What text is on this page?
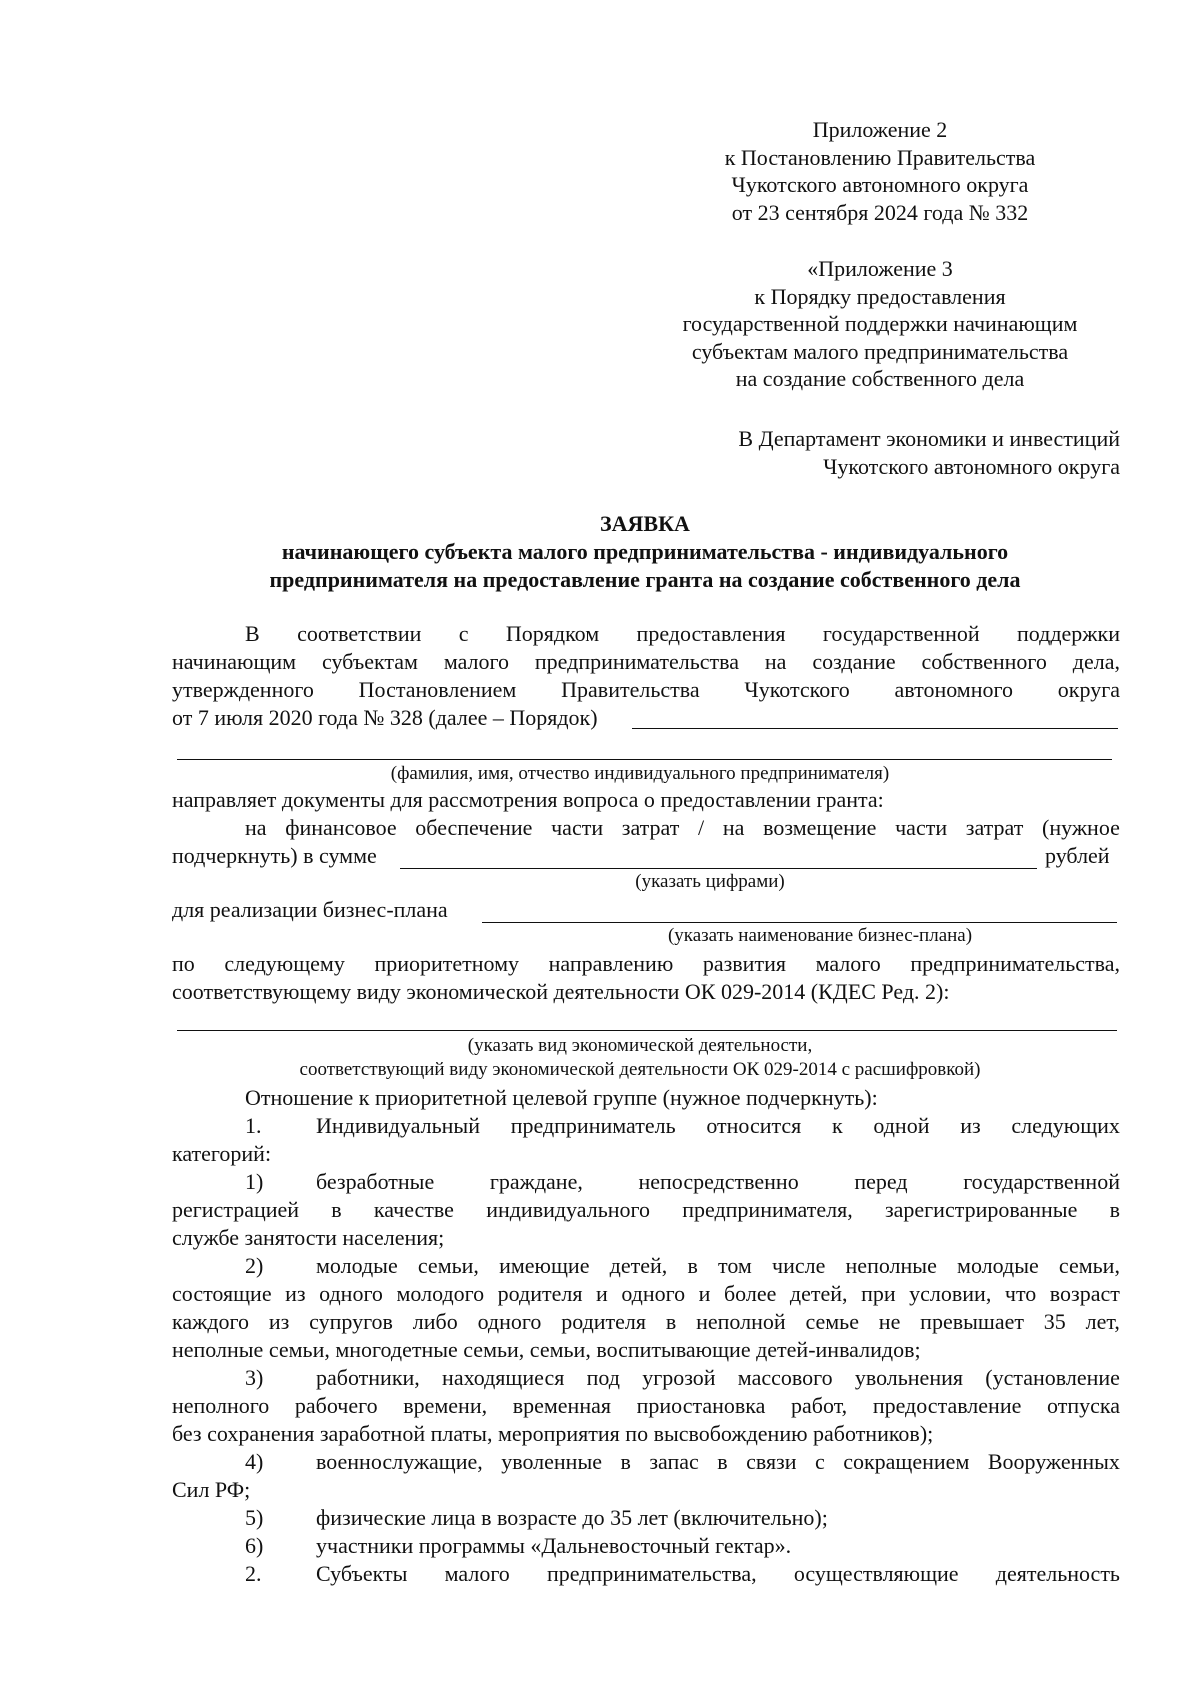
Приложение 2
к Постановлению Правительства
Чукотского автономного округа
от 23 сентября 2024 года № 332
«Приложение 3
к Порядку предоставления
государственной поддержки начинающим
субъектам малого предпринимательства
на создание собственного дела
В Департамент экономики и инвестиций
Чукотского автономного округа
ЗАЯВКА
начинающего субъекта малого предпринимательства - индивидуального
предпринимателя на предоставление гранта на создание собственного дела
В соответствии с Порядком предоставления государственной поддержки
начинающим субъектам малого предпринимательства на создание собственного дела,
утвержденного Постановлением Правительства Чукотского автономного округа
от 7 июля 2020 года № 328 (далее – Порядок)
(фамилия, имя, отчество индивидуального предпринимателя)
направляет документы для рассмотрения вопроса о предоставлении гранта:
на финансовое обеспечение части затрат / на возмещение части затрат (нужное
подчеркнуть) в сумме	рублей
(указать цифрами)
для реализации бизнес-плана
(указать наименование бизнес-плана)
по следующему приоритетному направлению развития малого предпринимательства,
соответствующему виду экономической деятельности ОК 029-2014 (КДЕС Ред. 2):
(указать вид экономической деятельности,
соответствующий виду экономической деятельности ОК 029-2014 с расшифровкой)
Отношение к приоритетной целевой группе (нужное подчеркнуть):
1. Индивидуальный предприниматель относится к одной из следующих
категорий:
1) безработные	граждане,	непосредственно	перед	государственной
регистрацией в качестве индивидуального предпринимателя, зарегистрированные в
службе занятости населения;
2) молодые семьи, имеющие детей, в том числе неполные молодые семьи,
состоящие из одного молодого родителя и одного и более детей, при условии, что возраст
каждого из супругов либо одного родителя в неполной семье не превышает 35 лет,
неполные семьи, многодетные семьи, семьи, воспитывающие детей-инвалидов;
3) работники, находящиеся под угрозой массового увольнения (установление
неполного рабочего времени, временная приостановка работ, предоставление отпуска
без сохранения заработной платы, мероприятия по высвобождению работников);
4) военнослужащие, уволенные в запас в связи с сокращением Вооруженных
Сил РФ;
5) физические лица в возрасте до 35 лет (включительно);
6) участники программы «Дальневосточный гектар».
2. Субъекты малого предпринимательства, осуществляющие деятельность
